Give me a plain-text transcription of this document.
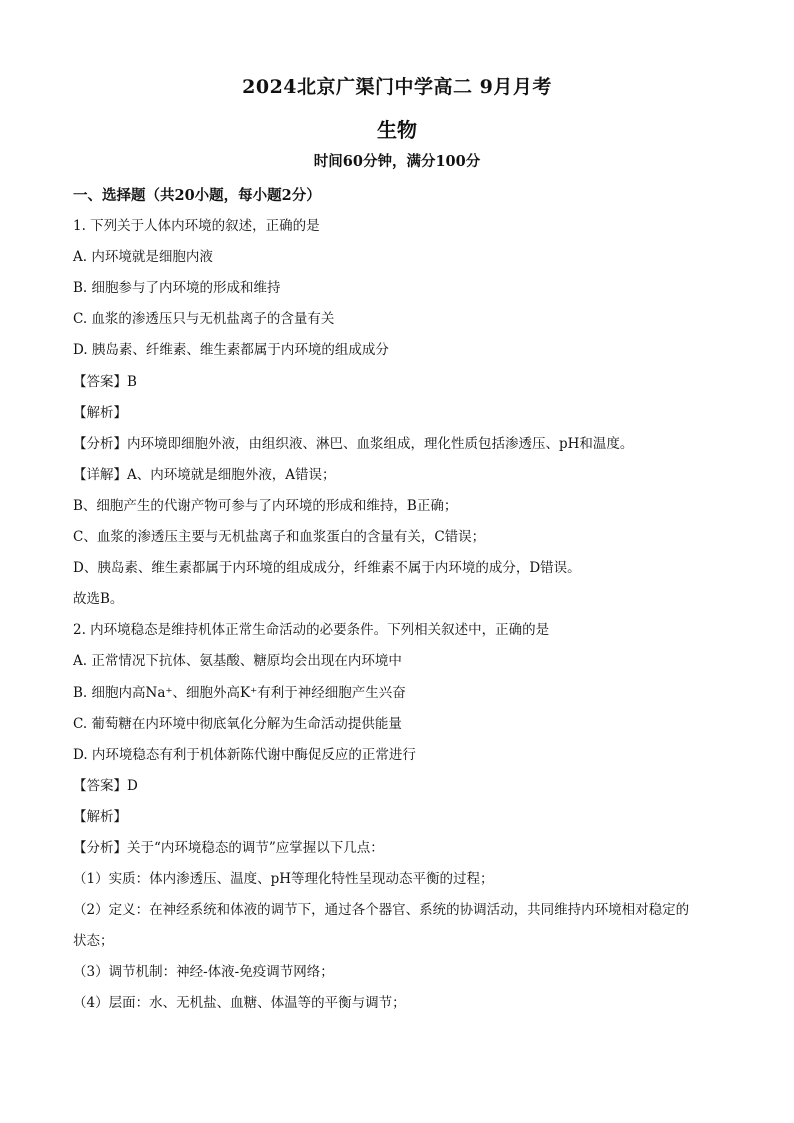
2024北京广渠门中学高二 9月月考
生物
时间60分钟，满分100分
一、选择题（共20小题，每小题2分）
1. 下列关于人体内环境的叙述，正确的是
A. 内环境就是细胞内液
B. 细胞参与了内环境的形成和维持
C. 血浆的渗透压只与无机盐离子的含量有关
D. 胰岛素、纤维素、维生素都属于内环境的组成成分
【答案】B
【解析】
【分析】内环境即细胞外液，由组织液、淋巴、血浆组成，理化性质包括渗透压、pH和温度。
【详解】A、内环境就是细胞外液，A错误；
B、细胞产生的代谢产物可参与了内环境的形成和维持，B正确；
C、血浆的渗透压主要与无机盐离子和血浆蛋白的含量有关，C错误；
D、胰岛素、维生素都属于内环境的组成成分，纤维素不属于内环境的成分，D错误。
故选B。
2. 内环境稳态是维持机体正常生命活动的必要条件。下列相关叙述中，正确的是
A. 正常情况下抗体、氨基酸、糖原均会出现在内环境中
B. 细胞内高Na⁺、细胞外高K⁺有利于神经细胞产生兴奋
C. 葡萄糖在内环境中彻底氧化分解为生命活动提供能量
D. 内环境稳态有利于机体新陈代谢中酶促反应的正常进行
【答案】D
【解析】
【分析】关于“内环境稳态的调节”应掌握以下几点：
（1）实质：体内渗透压、温度、pH等理化特性呈现动态平衡的过程；
（2）定义：在神经系统和体液的调节下，通过各个器官、系统的协调活动，共同维持内环境相对稳定的
状态；
（3）调节机制：神经-体液-免疫调节网络；
（4）层面：水、无机盐、血糖、体温等的平衡与调节；
